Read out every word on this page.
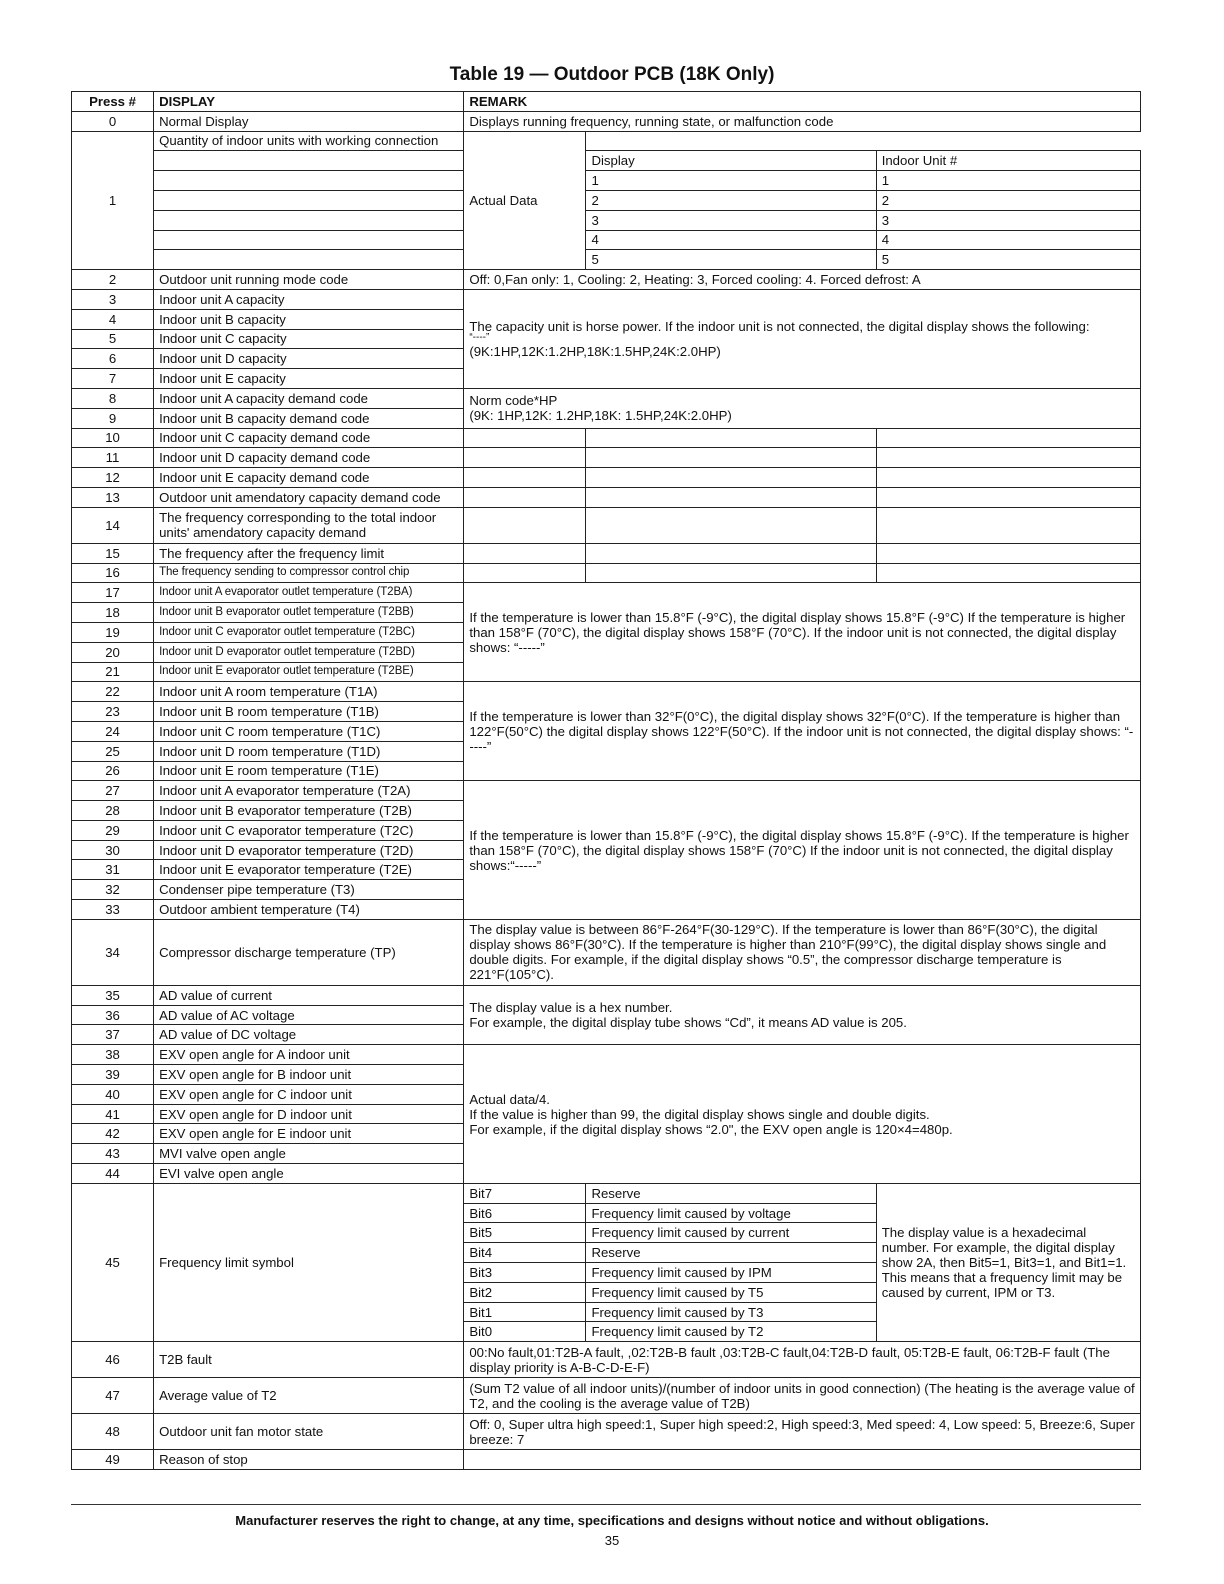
Table 19 — Outdoor PCB (18K Only)
Press #	DISPLAY	REMARK		
0	Normal Display	Displays running frequency, running state, or malfunction code		
1	Quantity of indoor units with working connection	Actual Data		
			Display	Indoor Unit #
			1	1
			2	2
			3	3
			4	4
			5	5
2	Outdoor unit running mode code	Off: 0,Fan only: 1, Cooling: 2, Heating: 3, Forced cooling: 4. Forced defrost: A		
3	Indoor unit A capacity	The capacity unit is horse power. If the indoor unit is not connected, the digital display shows the following:
“----”
(9K:1HP,12K:1.2HP,18K:1.5HP,24K:2.0HP)		

4	Indoor unit B capacity			
5	Indoor unit C capacity			
6	Indoor unit D capacity			
7	Indoor unit E capacity			
8	Indoor unit A capacity demand code	Norm code*HP
(9K: 1HP,12K: 1.2HP,18K: 1.5HP,24K:2.0HP)		

9	Indoor unit B capacity demand code			
10	Indoor unit C capacity demand code			
11	Indoor unit D capacity demand code			
12	Indoor unit E capacity demand code			
13	Outdoor unit amendatory capacity demand code			
14	The frequency corresponding to the total indoor units' amendatory capacity demand			
15	The frequency after the frequency limit			
16	The frequency sending to compressor control chip			
17	Indoor unit A evaporator outlet temperature (T2BA)	If the temperature is lower than 15.8°F (-9°C), the digital display shows 15.8°F (-9°C) If the temperature is higher than 158°F (70°C), the digital display shows 158°F (70°C). If the indoor unit is not connected, the digital display shows: “-----”		
18	Indoor unit B evaporator outlet temperature (T2BB)			
19	Indoor unit C evaporator outlet temperature (T2BC)			
20	Indoor unit D evaporator outlet temperature (T2BD)			
21	Indoor unit E evaporator outlet temperature (T2BE)			
22	Indoor unit A room temperature (T1A)	If the temperature is lower than 32°F(0°C), the digital display shows 32°F(0°C). If the temperature is higher than 122°F(50°C) the digital display shows 122°F(50°C). If the indoor unit is not connected, the digital display shows: “-----”		
23	Indoor unit B room temperature (T1B)			
24	Indoor unit C room temperature (T1C)			
25	Indoor unit D room temperature (T1D)			
26	Indoor unit E room temperature (T1E)			
27	Indoor unit A evaporator temperature (T2A)	If the temperature is lower than 15.8°F (-9°C), the digital display shows 15.8°F (-9°C). If the temperature is higher than 158°F (70°C), the digital display shows 158°F (70°C) If the indoor unit is not connected, the digital display shows:“-----”		
28	Indoor unit B evaporator temperature (T2B)			
29	Indoor unit C evaporator temperature (T2C)			
30	Indoor unit D evaporator temperature (T2D)			
31	Indoor unit E evaporator temperature (T2E)			
32	Condenser pipe temperature (T3)			
33	Outdoor ambient temperature (T4)			
34	Compressor discharge temperature (TP)	The display value is between 86°F-264°F(30-129°C). If the temperature is lower than 86°F(30°C), the digital display shows 86°F(30°C). If the temperature is higher than 210°F(99°C), the digital display shows single and double digits. For example, if the digital display shows “0.5”, the compressor discharge temperature is 221°F(105°C).		
35	AD value of current	The display value is a hex number.
For example, the digital display tube shows “Cd”, it means AD value is 205.		

36	AD value of AC voltage			
37	AD value of DC voltage			
38	EXV open angle for A indoor unit	Actual data/4.
If the value is higher than 99, the digital display shows single and double digits.
For example, if the digital display shows “2.0", the EXV open angle is 120×4=480p.		

39	EXV open angle for B indoor unit			
40	EXV open angle for C indoor unit			
41	EXV open angle for D indoor unit			
42	EXV open angle for E indoor unit			
43	MVI valve open angle			
44	EVI valve open angle			
45	Frequency limit symbol	Bit7	Reserve	The display value is a hexadecimal number. For example, the digital display show 2A, then Bit5=1, Bit3=1, and Bit1=1.
This means that a frequency limit may be caused by current, IPM or T3.

		Bit6	Frequency limit caused by voltage	
		Bit5	Frequency limit caused by current	
		Bit4	Reserve	
		Bit3	Frequency limit caused by IPM	
		Bit2	Frequency limit caused by T5	
		Bit1	Frequency limit caused by T3	
		Bit0	Frequency limit caused by T2	
46	T2B fault	00:No fault,01:T2B-A fault, ,02:T2B-B fault ,03:T2B-C fault,04:T2B-D fault, 05:T2B-E fault, 06:T2B-F fault (The display priority is A-B-C-D-E-F)		
47	Average value of T2	(Sum T2 value of all indoor units)/(number of indoor units in good connection) (The heating is the average value of T2, and the cooling is the average value of T2B)		
48	Outdoor unit fan motor state	Off: 0, Super ultra high speed:1, Super high speed:2, High speed:3, Med speed: 4, Low speed: 5, Breeze:6, Super breeze: 7		
49	Reason of stop			
Manufacturer reserves the right to change, at any time, specifications and designs without notice and without obligations.
35
